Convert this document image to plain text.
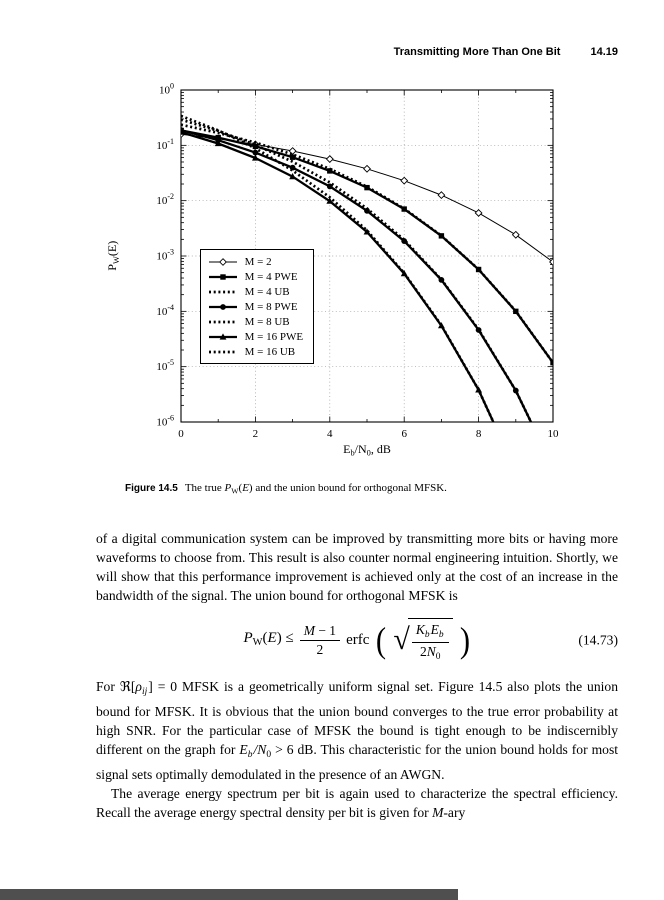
Transmitting More Than One Bit	14.19
$10^0$
$10^{-1}$
$10^{-2}$
$10^{-3}$
$10^{-4}$
$10^{-5}$
$10^{-6}$
0	2	4	6	8	10
$P_W(E)$
$E_b/N_0$, dB
M = 2
M = 4 PWE
M = 4 UB
M = 8 PWE
M = 8 UB
M = 16 PWE
M = 16 UB
Figure 14.5 The true $P_W(E)$ and the union bound for orthogonal MFSK.

of a digital communication system can be improved by transmitting more bits or having more waveforms to choose from. This result is also counter normal engineering intuition. Shortly, we will show that this performance improvement is achieved only at the cost of an increase in the bandwidth of the signal. The union bound for orthogonal MFSK is

$P_W(E) \le \frac{M - 1}{2}$ erfc ( √ $\frac{K_bE_b}{2N_0}$ )	(14.73)

For $ℜ[\rho_{ij}] = 0$ MFSK is a geometrically uniform signal set. Figure 14.5 also plots the union bound for MFSK. It is obvious that the union bound converges to the true error probability at high SNR. For the particular case of MFSK the bound is tight enough to be indiscernibly different on the graph for $E_b/N_0 > 6$ dB. This characteristic for the union bound holds for most signal sets optimally demodulated in the presence of an AWGN.

The average energy spectrum per bit is again used to characterize the spectral efficiency. Recall the average energy spectral density per bit is given for M-ary
